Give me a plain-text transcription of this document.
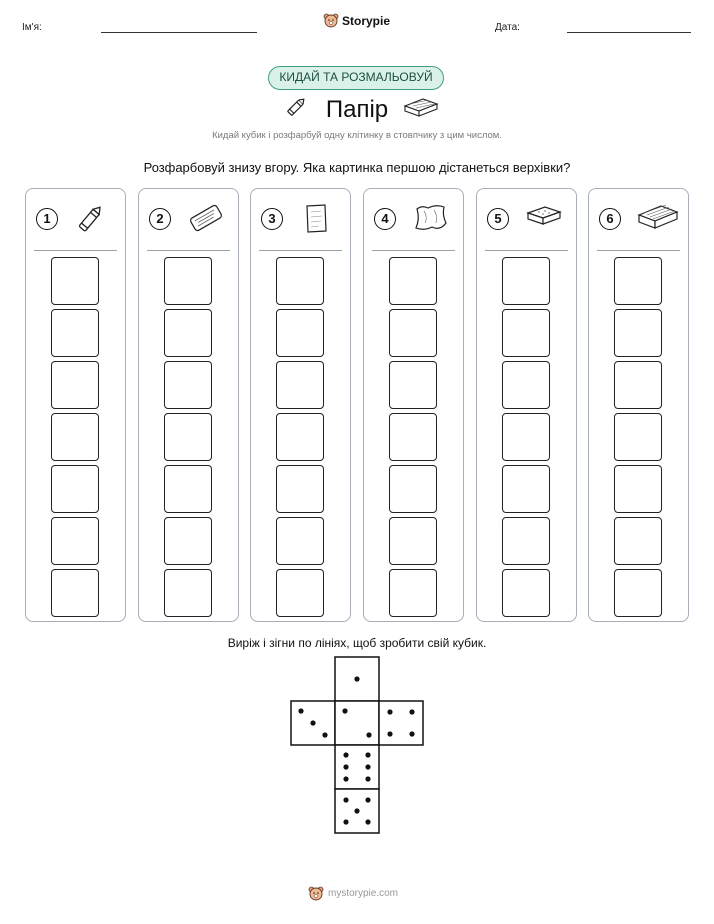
Ім'я:	Storypie	Дата:
КИДАЙ ТА РОЗМАЛЬОВУЙ
Папір
Кидай кубик і розфарбуй одну клітинку в стовпчику з цим числом.
Розфарбовуй знизу вгору. Яка картинка першою дістанеться верхівки?
1	2	3	4	5	6
Виріж і зігни по лініях, щоб зробити свій кубик.
mystorypie.com
